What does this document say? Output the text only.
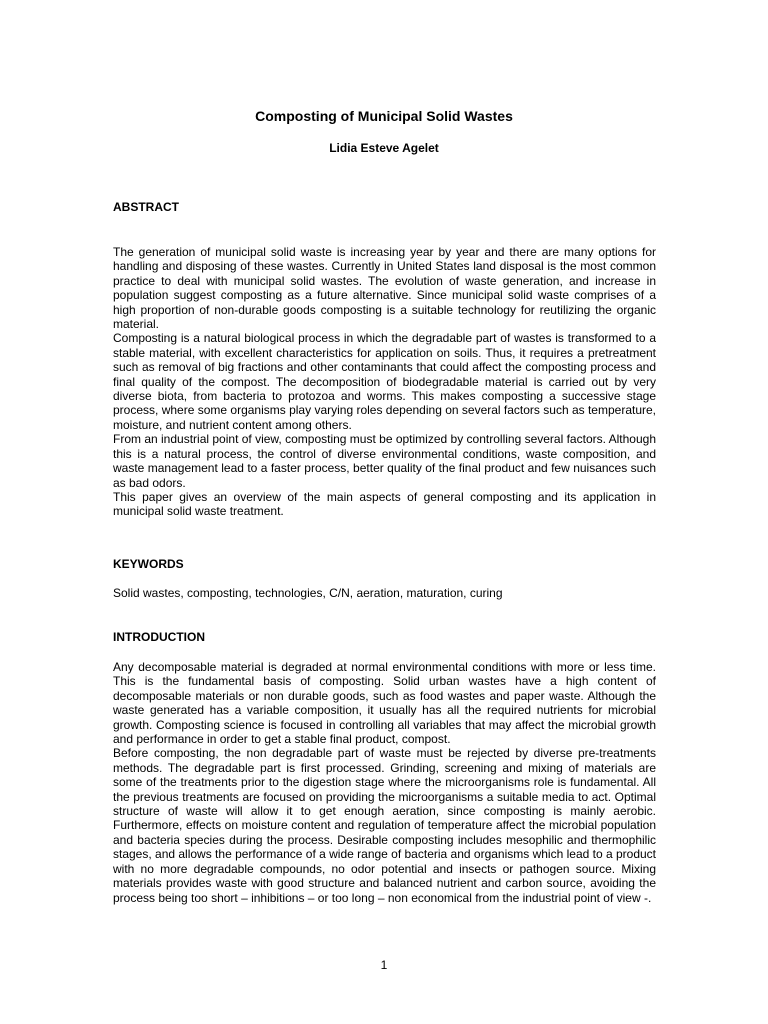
Composting of Municipal Solid Wastes
Lidia Esteve Agelet
ABSTRACT

The generation of municipal solid waste is increasing year by year and there are many options for handling and disposing of these wastes. Currently in United States land disposal is the most common practice to deal with municipal solid wastes. The evolution of waste generation, and increase in population suggest composting as a future alternative. Since municipal solid waste comprises of a high proportion of non-durable goods composting is a suitable technology for reutilizing the organic material.

Composting is a natural biological process in which the degradable part of wastes is transformed to a stable material, with excellent characteristics for application on soils. Thus, it requires a pretreatment such as removal of big fractions and other contaminants that could affect the composting process and final quality of the compost. The decomposition of biodegradable material is carried out by very diverse biota, from bacteria to protozoa and worms. This makes composting a successive stage process, where some organisms play varying roles depending on several factors such as temperature, moisture, and nutrient content among others.

From an industrial point of view, composting must be optimized by controlling several factors. Although this is a natural process, the control of diverse environmental conditions, waste composition, and waste management lead to a faster process, better quality of the final product and few nuisances such as bad odors.

This paper gives an overview of the main aspects of general composting and its application in municipal solid waste treatment.

KEYWORDS
Solid wastes, composting, technologies, C/N, aeration, maturation, curing
INTRODUCTION

Any decomposable material is degraded at normal environmental conditions with more or less time. This is the fundamental basis of composting. Solid urban wastes have a high content of decomposable materials or non durable goods, such as food wastes and paper waste. Although the waste generated has a variable composition, it usually has all the required nutrients for microbial growth. Composting science is focused in controlling all variables that may affect the microbial growth and performance in order to get a stable final product, compost.

Before composting, the non degradable part of waste must be rejected by diverse pre-treatments methods. The degradable part is first processed. Grinding, screening and mixing of materials are some of the treatments prior to the digestion stage where the microorganisms role is fundamental. All the previous treatments are focused on providing the microorganisms a suitable media to act. Optimal structure of waste will allow it to get enough aeration, since composting is mainly aerobic. Furthermore, effects on moisture content and regulation of temperature affect the microbial population and bacteria species during the process. Desirable composting includes mesophilic and thermophilic stages, and allows the performance of a wide range of bacteria and organisms which lead to a product with no more degradable compounds, no odor potential and insects or pathogen source. Mixing materials provides waste with good structure and balanced nutrient and carbon source, avoiding the process being too short – inhibitions – or too long – non economical from the industrial point of view -.

1
